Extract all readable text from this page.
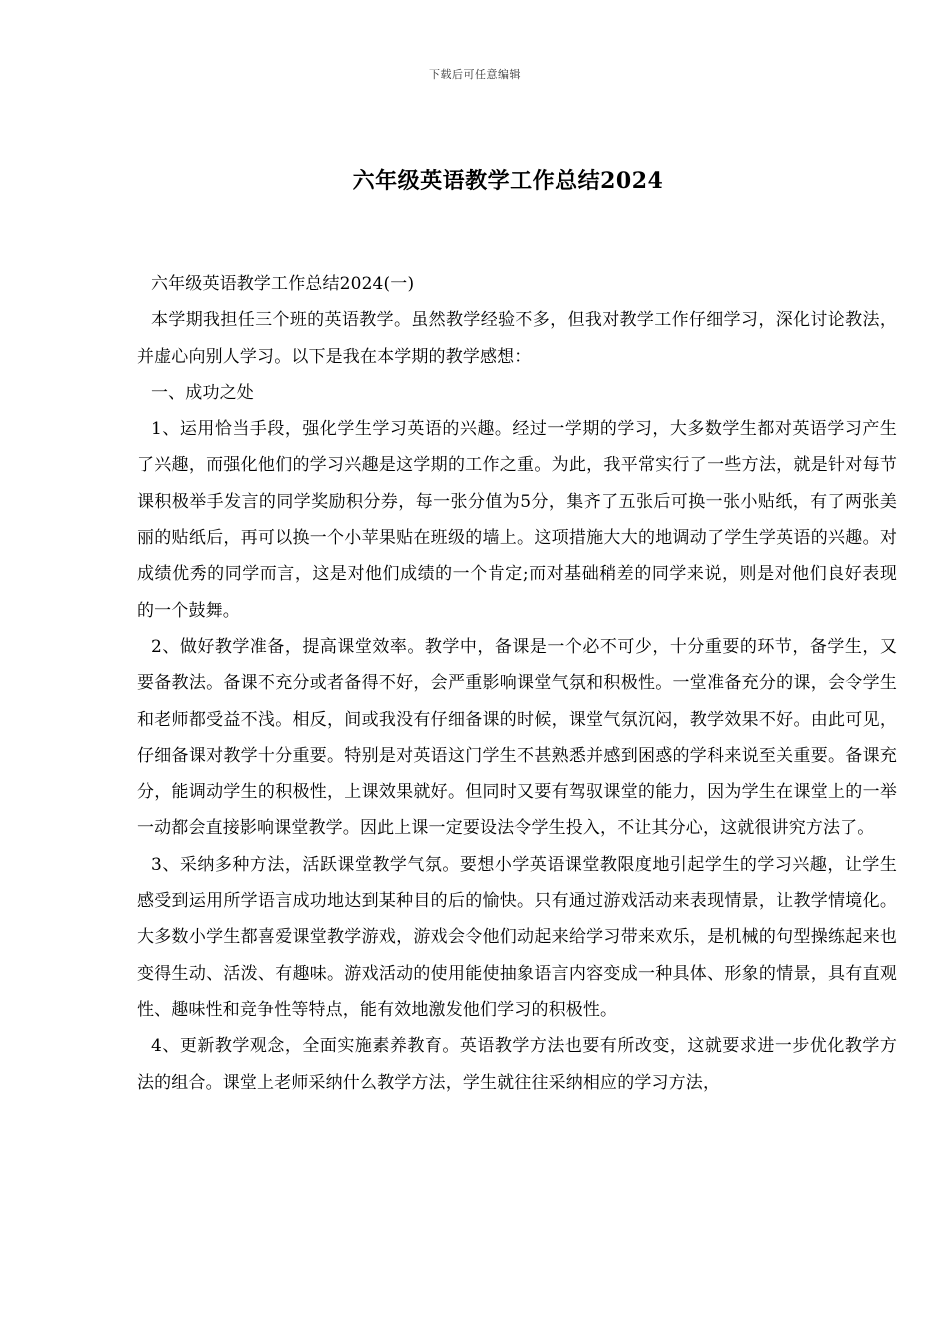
下载后可任意编辑
六年级英语教学工作总结2024

六年级英语教学工作总结2024(一)

本学期我担任三个班的英语教学。虽然教学经验不多，但我对教学工作仔细学习，深化讨论教法，并虚心向别人学习。以下是我在本学期的教学感想：

一、成功之处

1、运用恰当手段，强化学生学习英语的兴趣。经过一学期的学习，大多数学生都对英语学习产生了兴趣，而强化他们的学习兴趣是这学期的工作之重。为此，我平常实行了一些方法，就是针对每节课积极举手发言的同学奖励积分券，每一张分值为5分，集齐了五张后可换一张小贴纸，有了两张美丽的贴纸后，再可以换一个小苹果贴在班级的墙上。这项措施大大的地调动了学生学英语的兴趣。对成绩优秀的同学而言，这是对他们成绩的一个肯定;而对基础稍差的同学来说，则是对他们良好表现的一个鼓舞。

2、做好教学准备，提高课堂效率。教学中，备课是一个必不可少，十分重要的环节，备学生，又要备教法。备课不充分或者备得不好，会严重影响课堂气氛和积极性。一堂准备充分的课，会令学生和老师都受益不浅。相反，间或我没有仔细备课的时候，课堂气氛沉闷，教学效果不好。由此可见，仔细备课对教学十分重要。特别是对英语这门学生不甚熟悉并感到困惑的学科来说至关重要。备课充分，能调动学生的积极性，上课效果就好。但同时又要有驾驭课堂的能力，因为学生在课堂上的一举一动都会直接影响课堂教学。因此上课一定要设法令学生投入，不让其分心，这就很讲究方法了。

3、采纳多种方法，活跃课堂教学气氛。要想小学英语课堂教限度地引起学生的学习兴趣，让学生感受到运用所学语言成功地达到某种目的后的愉快。只有通过游戏活动来表现情景，让教学情境化。大多数小学生都喜爱课堂教学游戏，游戏会令他们动起来给学习带来欢乐，是机械的句型操练起来也变得生动、活泼、有趣味。游戏活动的使用能使抽象语言内容变成一种具体、形象的情景，具有直观性、趣味性和竞争性等特点，能有效地激发他们学习的积极性。

4、更新教学观念，全面实施素养教育。英语教学方法也要有所改变，这就要求进一步优化教学方法的组合。课堂上老师采纳什么教学方法，学生就往往采纳相应的学习方法，
